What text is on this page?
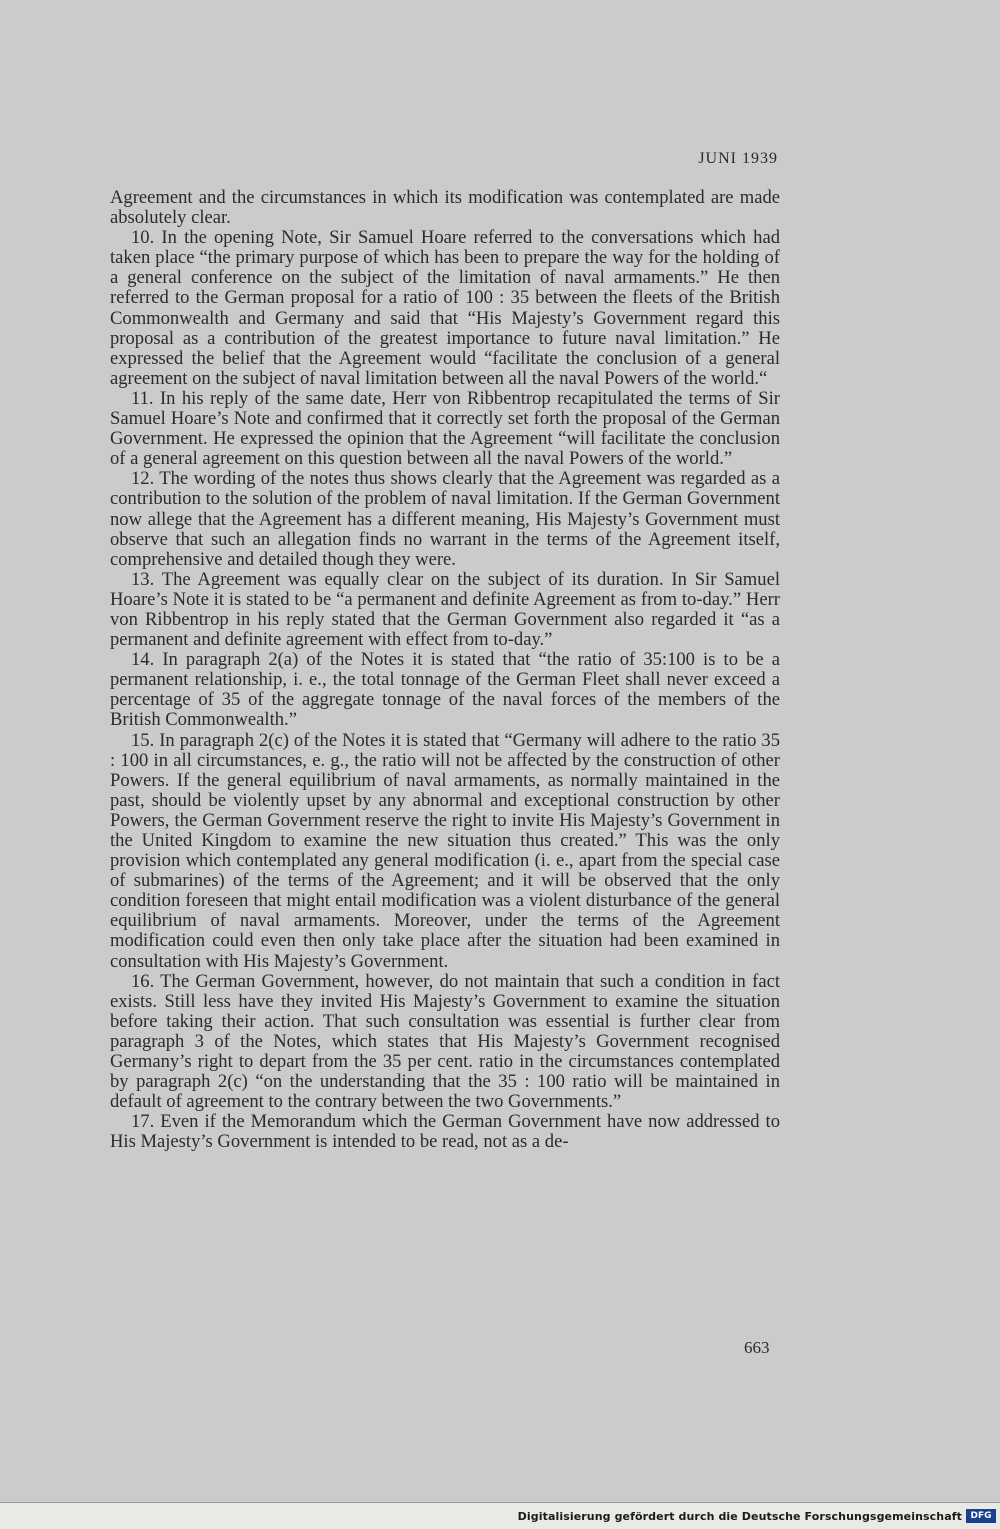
JUNI 1939

Agreement and the circumstances in which its modification was contemplated are made absolutely clear.

10. In the opening Note, Sir Samuel Hoare referred to the conversations which had taken place “the primary purpose of which has been to prepare the way for the holding of a general conference on the subject of the limitation of naval armaments.” He then referred to the German proposal for a ratio of 100 : 35 between the fleets of the British Commonwealth and Germany and said that “His Majesty’s Government regard this proposal as a contribution of the greatest importance to future naval limitation.” He expressed the belief that the Agreement would “facilitate the conclusion of a general agreement on the subject of naval limitation between all the naval Powers of the world.“

11. In his reply of the same date, Herr von Ribbentrop recapitulated the terms of Sir Samuel Hoare’s Note and confirmed that it correctly set forth the proposal of the German Government. He expressed the opinion that the Agreement “will facilitate the conclusion of a general agreement on this question between all the naval Powers of the world.”

12. The wording of the notes thus shows clearly that the Agreement was regarded as a contribution to the solution of the problem of naval limitation. If the German Government now allege that the Agreement has a different meaning, His Majesty’s Government must observe that such an allegation finds no warrant in the terms of the Agreement itself, comprehensive and detailed though they were.

13. The Agreement was equally clear on the subject of its duration. In Sir Samuel Hoare’s Note it is stated to be “a permanent and definite Agreement as from to-day.” Herr von Ribbentrop in his reply stated that the German Government also regarded it “as a permanent and definite agreement with effect from to-day.”

14. In paragraph 2(a) of the Notes it is stated that “the ratio of 35:100 is to be a permanent relationship, i. e., the total tonnage of the German Fleet shall never exceed a percentage of 35 of the aggregate tonnage of the naval forces of the members of the British Commonwealth.”

15. In paragraph 2(c) of the Notes it is stated that “Germany will adhere to the ratio 35 : 100 in all circumstances, e. g., the ratio will not be affected by the construction of other Powers. If the general equilibrium of naval armaments, as normally maintained in the past, should be violently upset by any abnormal and exceptional construction by other Powers, the German Government reserve the right to invite His Majesty’s Government in the United Kingdom to examine the new situation thus created.” This was the only provision which contemplated any general modification (i. e., apart from the special case of submarines) of the terms of the Agreement; and it will be observed that the only condition foreseen that might entail modification was a violent disturbance of the general equilibrium of naval armaments. Moreover, under the terms of the Agreement modification could even then only take place after the situation had been examined in consultation with His Majesty’s Government.

16. The German Government, however, do not maintain that such a condition in fact exists. Still less have they invited His Majesty’s Government to examine the situation before taking their action. That such consultation was essential is further clear from paragraph 3 of the Notes, which states that His Majesty’s Government recognised Germany’s right to depart from the 35 per cent. ratio in the circumstances contemplated by paragraph 2(c) “on the understanding that the 35 : 100 ratio will be maintained in default of agreement to the contrary between the two Governments.”

17. Even if the Memorandum which the German Government have now addressed to His Majesty’s Government is intended to be read, not as a de-

663
Digitalisierung gefördert durch die Deutsche Forschungsgemeinschaft DFG
